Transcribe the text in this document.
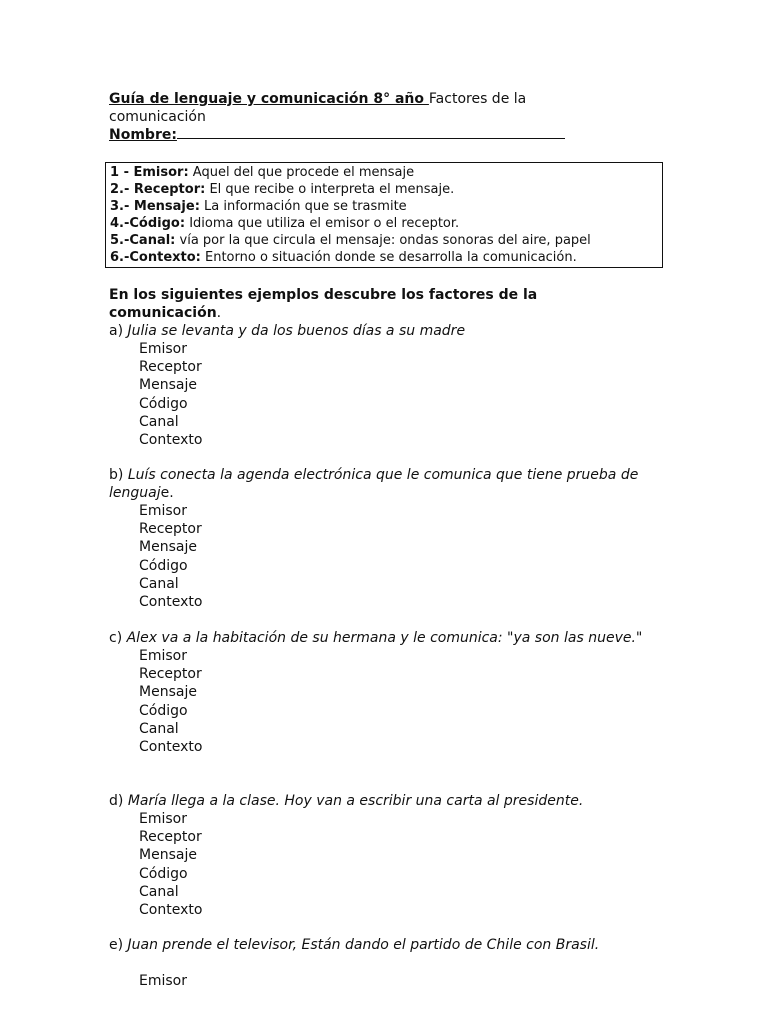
Guía de lenguaje y comunicación 8° año Factores de la comunicación
Nombre:
1 - Emisor: Aquel del que procede el mensaje
2.- Receptor: El que recibe o interpreta el mensaje.
3.- Mensaje: La información que se trasmite
4.-Código: Idioma que utiliza el emisor o el receptor.
5.-Canal: vía por la que circula el mensaje: ondas sonoras del aire, papel
6.-Contexto: Entorno o situación donde se desarrolla la comunicación.
En los siguientes ejemplos descubre los factores de la comunicación.
a) Julia se levanta y da los buenos días a su madre
Emisor
Receptor
Mensaje
Código
Canal
Contexto
b) Luís conecta la agenda electrónica que le comunica que tiene prueba de lenguaje.
Emisor
Receptor
Mensaje
Código
Canal
Contexto
c) Alex va a la habitación de su hermana y le comunica: "ya son las nueve."
Emisor
Receptor
Mensaje
Código
Canal
Contexto
d) María llega a la clase. Hoy van a escribir una carta al presidente.
Emisor
Receptor
Mensaje
Código
Canal
Contexto
e) Juan prende el televisor, Están dando el partido de Chile con Brasil.
Emisor
